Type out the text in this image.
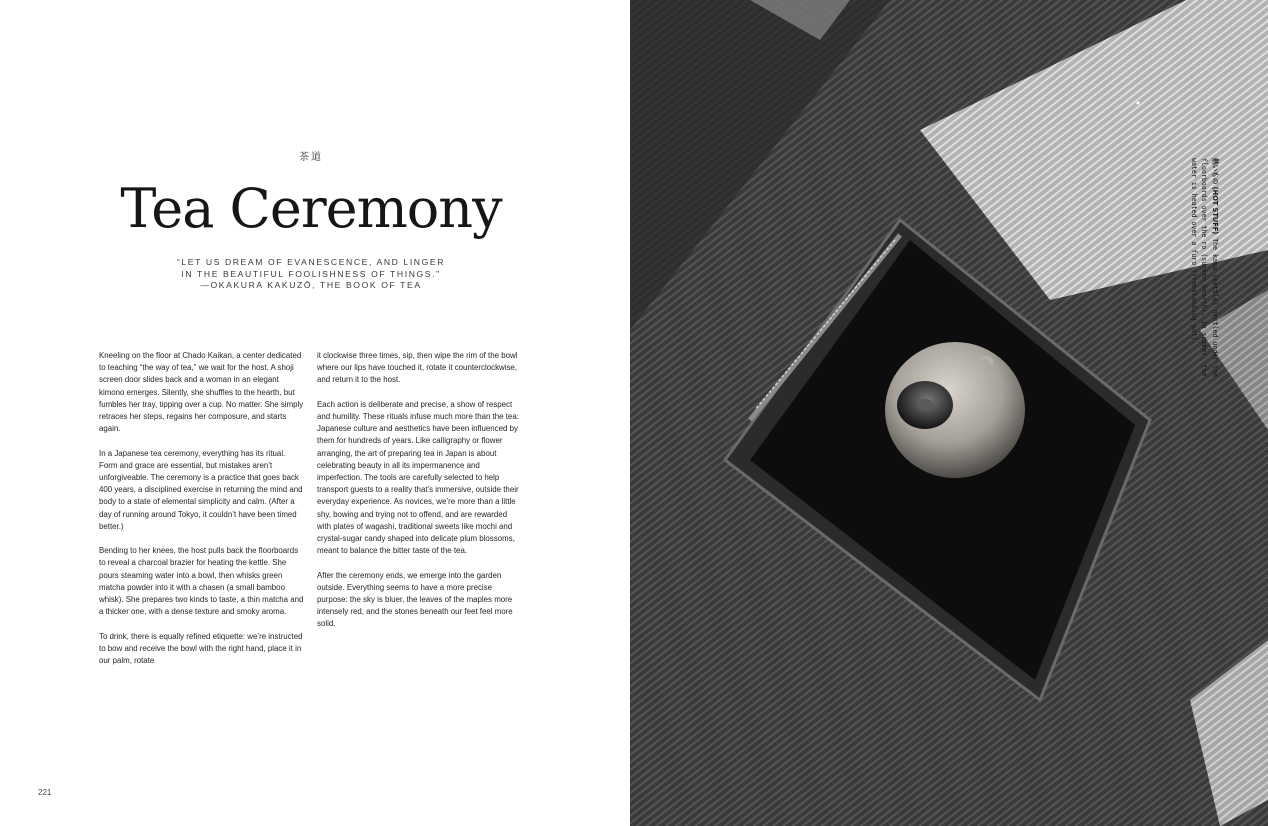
茶道
Tea Ceremony
“LET US DREAM OF EVANESCENCE, AND LINGER
IN THE BEAUTIFUL FOOLISHNESS OF THINGS.”
—OKAKURA KAKUZŌ, THE BOOK OF TEA

Kneeling on the floor at Chado Kaikan, a center dedicated to teaching “the way of tea,” we wait for the host. A shoji screen door slides back and a woman in an elegant kimono emerges. Silently, she shuffles to the hearth, but fumbles her tray, tipping over a cup. No matter. She simply retraces her steps, regains her composure, and starts again.

In a Japanese tea ceremony, everything has its ritual. Form and grace are essential, but mistakes aren’t unforgiveable. The ceremony is a practice that goes back 400 years, a disciplined exercise in returning the mind and body to a state of elemental simplicity and calm. (After a day of running around Tokyo, it couldn’t have been timed better.)

Bending to her knees, the host pulls back the floorboards to reveal a charcoal brazier for heating the kettle. She pours steaming water into a bowl, then whisks green matcha powder into it with a chasen (a small bamboo whisk). She prepares two kinds to taste, a thin matcha and a thicker one, with a dense texture and smoky aroma.

To drink, there is equally refined etiquette: we’re instructed to bow and receive the bowl with the right hand, place it in our palm, rotate

it clockwise three times, sip, then wipe the rim of the bowl where our lips have touched it, rotate it counterclockwise, and return it to the host.

Each action is deliberate and precise, a show of respect and humility. These rituals infuse much more than the tea: Japanese culture and aesthetics have been influenced by them for hundreds of years. Like calligraphy or flower arranging, the art of preparing tea in Japan is about celebrating beauty in all its impermanence and imperfection. The tools are carefully selected to help transport guests to a reality that’s immersive, outside their everyday experience. As novices, we’re more than a little shy, bowing and trying not to offend, and are rewarded with plates of wagashi, traditional sweets like mochi and crystal-sugar candy shaped into delicate plum blossoms, meant to balance the bitter taste of the tea.

After the ceremony ends, we emerge into the garden outside. Everything seems to have a more precise purpose: the sky is bluer, the leaves of the maples more intensely red, and the stones beneath our feet feel more solid.

221
熱いもの (HOT STUFF) The kama (kettle) nestled under the floorboards over the ro (sunken hearth). In summer, the water is heated over a furo (freestanding pot).
